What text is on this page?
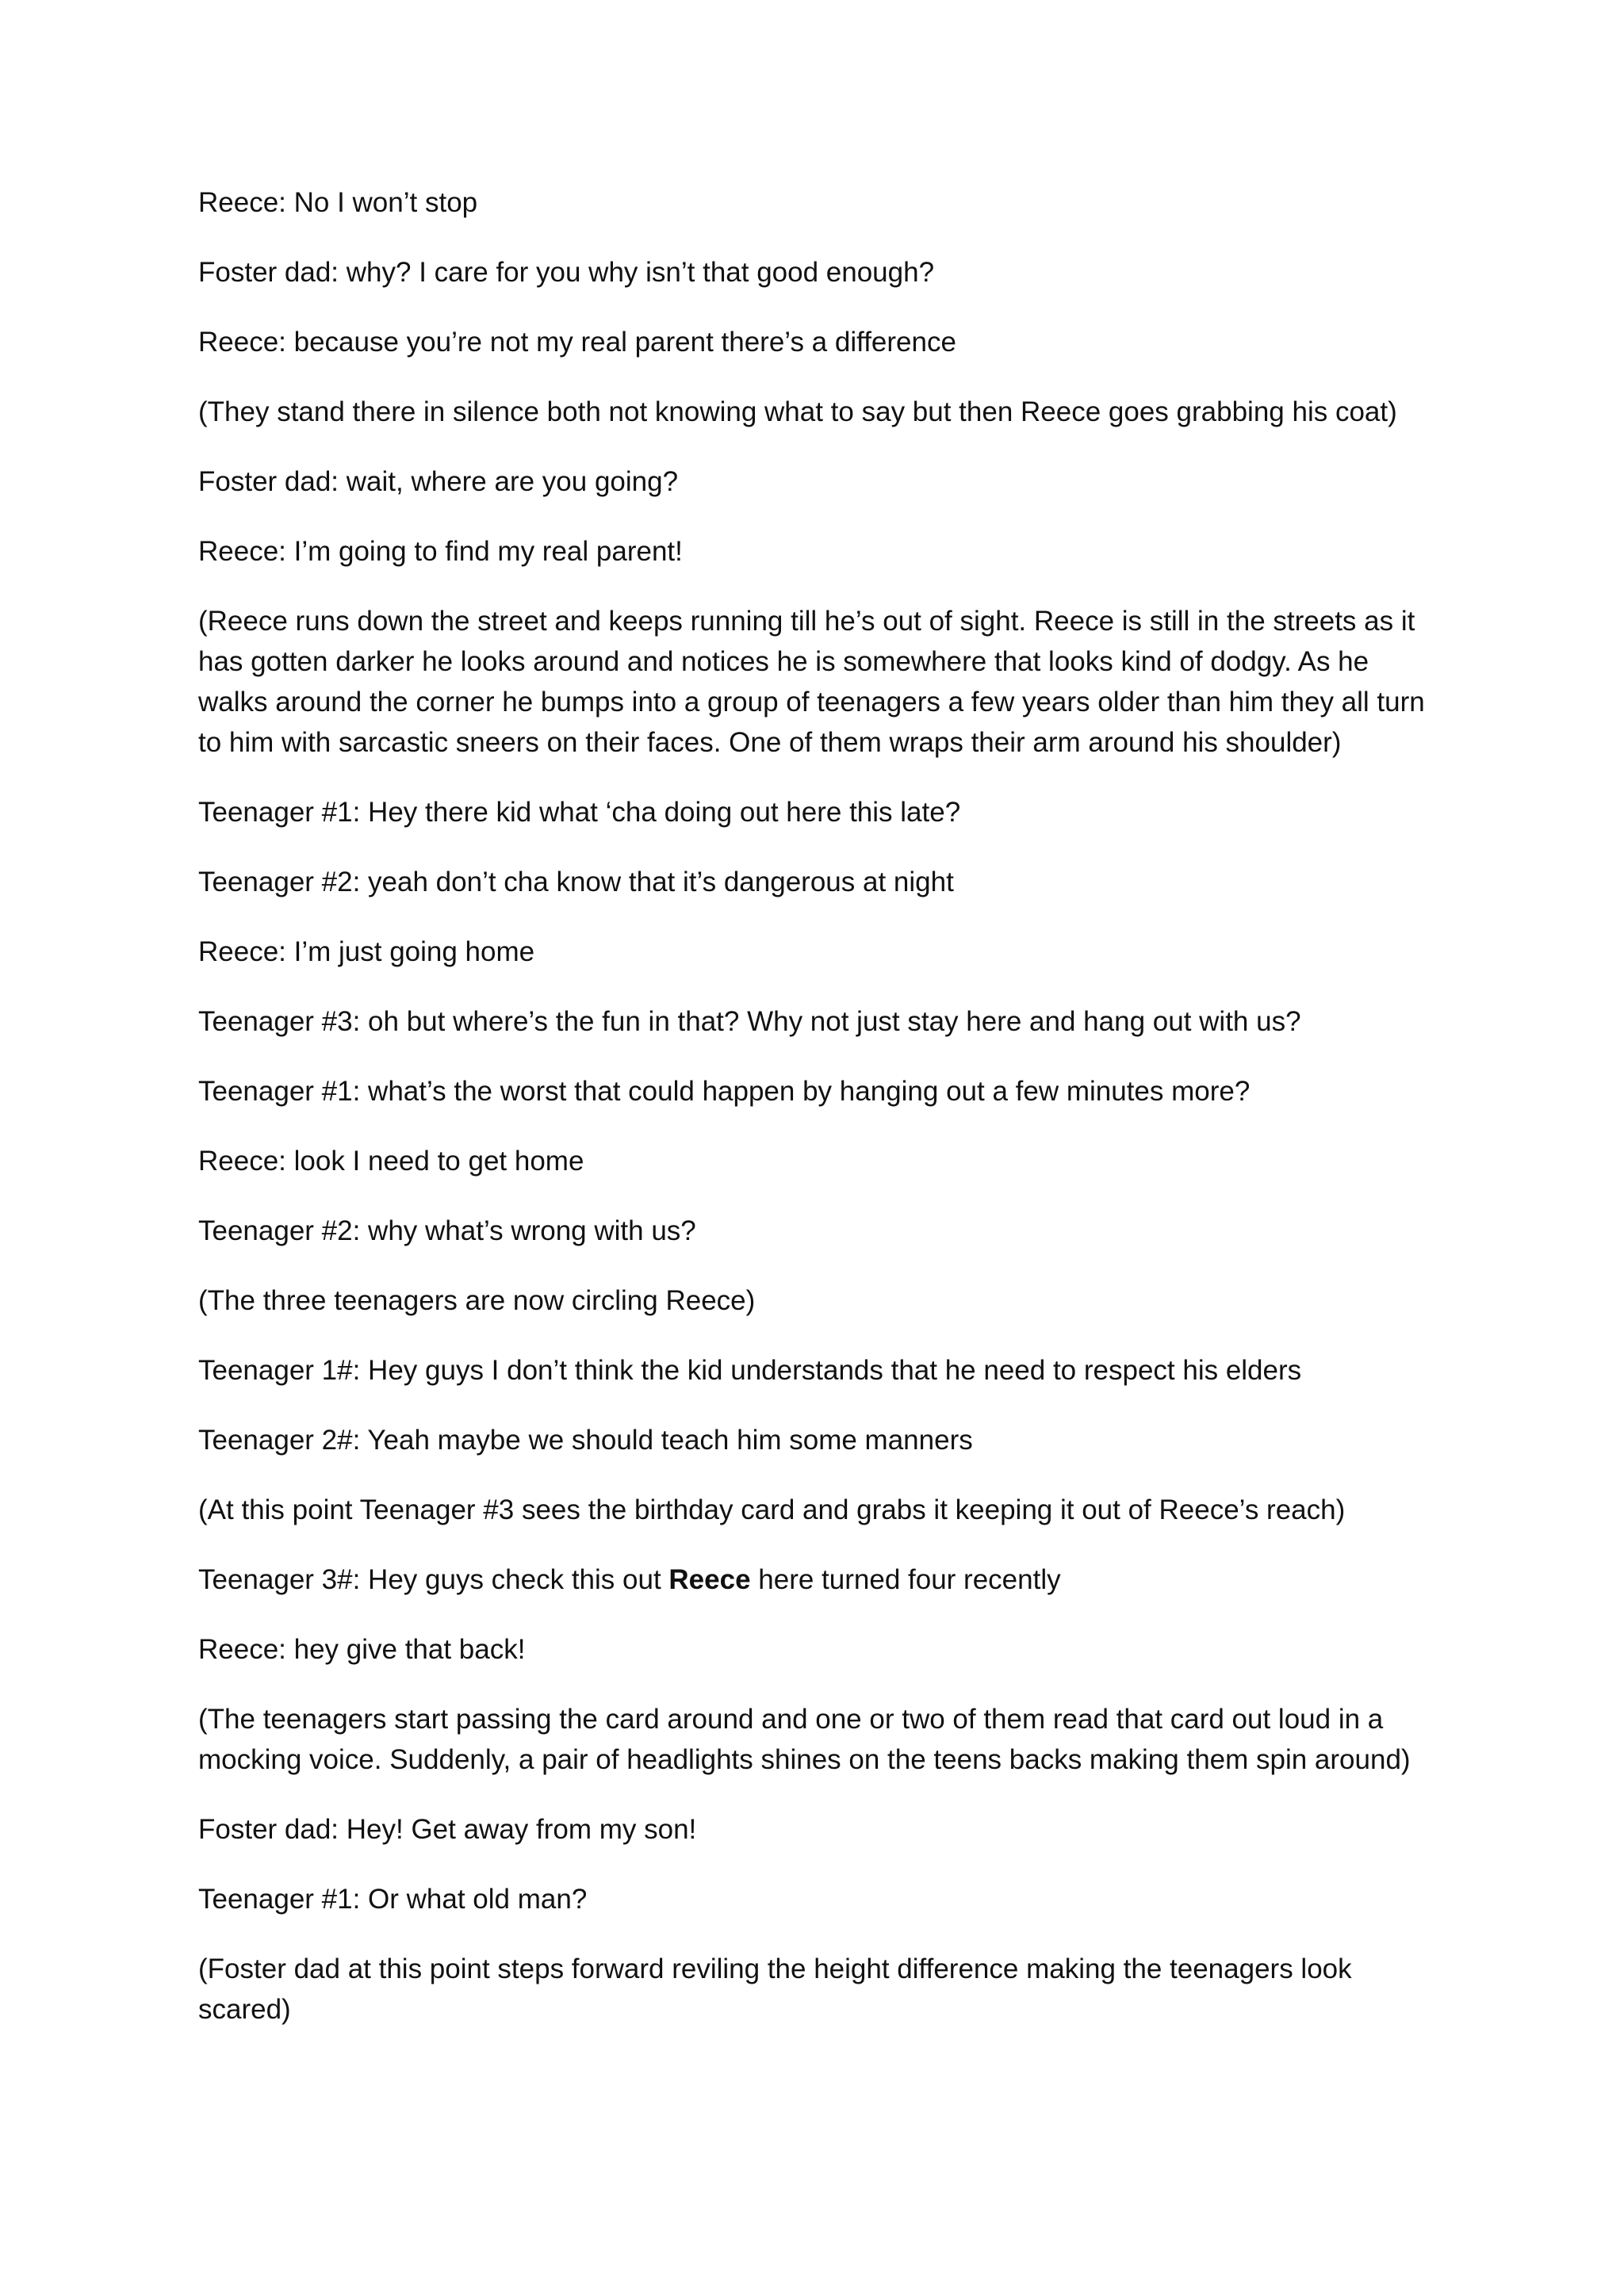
Reece: No I won’t stop

Foster dad: why? I care for you why isn’t that good enough?

Reece: because you’re not my real parent there’s a difference

(They stand there in silence both not knowing what to say but then Reece goes grabbing his coat)

Foster dad: wait, where are you going?

Reece: I’m going to find my real parent!

(Reece runs down the street and keeps running till he’s out of sight. Reece is still in the streets as it has gotten darker he looks around and notices he is somewhere that looks kind of dodgy. As he walks around the corner he bumps into a group of teenagers a few years older than him they all turn to him with sarcastic sneers on their faces. One of them wraps their arm around his shoulder)

Teenager #1: Hey there kid what ‘cha doing out here this late?

Teenager #2: yeah don’t cha know that it’s dangerous at night

Reece: I’m just going home

Teenager #3: oh but where’s the fun in that? Why not just stay here and hang out with us?

Teenager #1: what’s the worst that could happen by hanging out a few minutes more?

Reece: look I need to get home

Teenager #2: why what’s wrong with us?

(The three teenagers are now circling Reece)

Teenager 1#: Hey guys I don’t think the kid understands that he need to respect his elders

Teenager 2#: Yeah maybe we should teach him some manners

(At this point Teenager #3 sees the birthday card and grabs it keeping it out of Reece’s reach)

Teenager 3#: Hey guys check this out Reece here turned four recently

Reece: hey give that back!

(The teenagers start passing the card around and one or two of them read that card out loud in a mocking voice. Suddenly, a pair of headlights shines on the teens backs making them spin around)

Foster dad: Hey! Get away from my son!

Teenager #1: Or what old man?

(Foster dad at this point steps forward reviling the height difference making the teenagers look scared)
